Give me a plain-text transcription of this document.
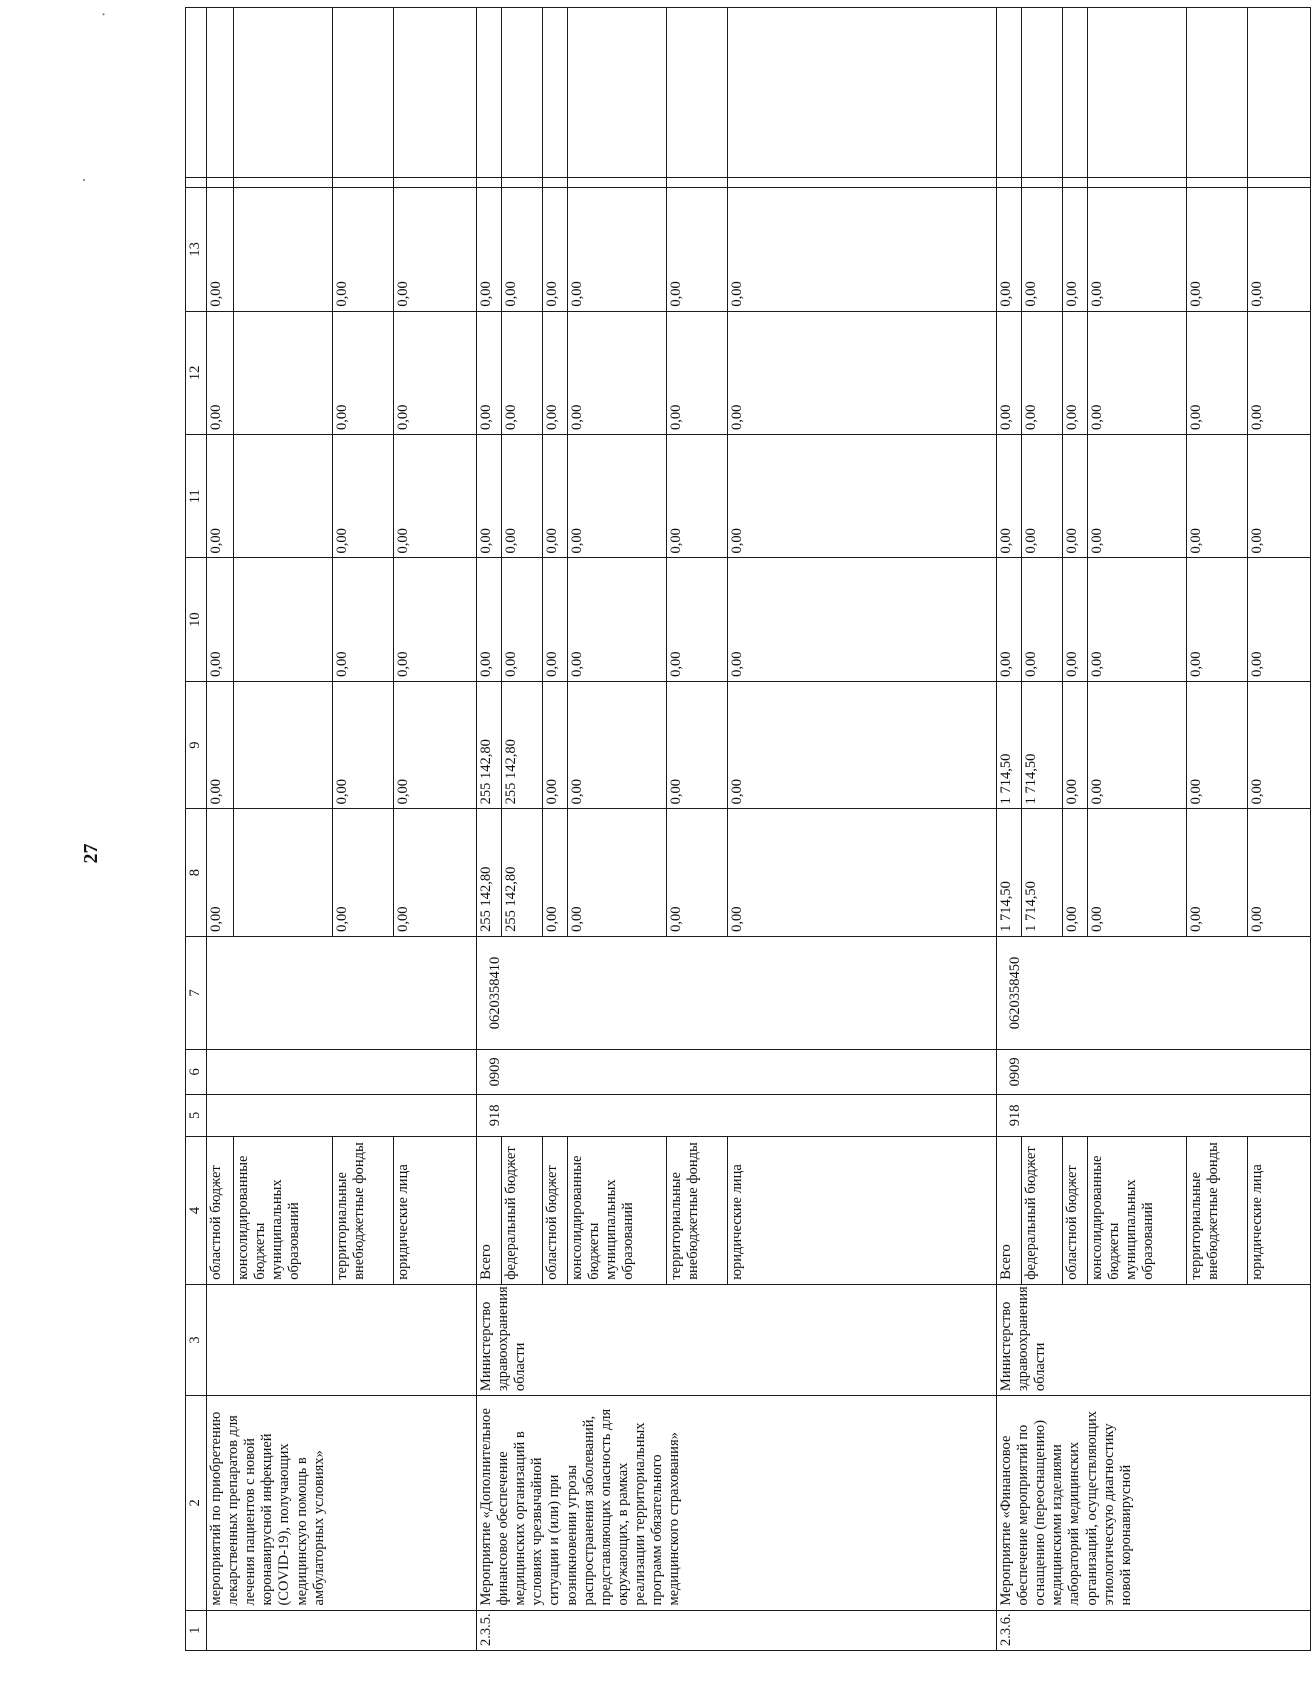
27
.
·
1	2	3	4	5	6	7	8	9	10	11	12	13		
	мероприятий по приобретению лекарственных препаратов для лечения пациентов с новой коронавирусной инфекцией (COVID-19), получающих медицинскую помощь в амбулаторных условиях»		областной бюджет				0,00	0,00	0,00	0,00	0,00	0,00		
			консолидированные бюджеты муниципальных образований											
			территориальные внебюджетные фонды				0,00	0,00	0,00	0,00	0,00	0,00		
			юридические лица				0,00	0,00	0,00	0,00	0,00	0,00		
2.3.5.	Мероприятие «Дополнительное финансовое обеспечение медицинских организаций в условиях чрезвычайной ситуации и (или) при возникновении угрозы распространения заболеваний, представляющих опасность для окружающих, в рамках реализации территориальных программ обязательного медицинского страхования»	Министерство здравоохранения области	Всего	918	0909	0620358410	255 142,80	255 142,80	0,00	0,00	0,00	0,00		
			федеральный бюджет				255 142,80	255 142,80	0,00	0,00	0,00	0,00		
			областной бюджет				0,00	0,00	0,00	0,00	0,00	0,00		
			консолидированные бюджеты муниципальных образований				0,00	0,00	0,00	0,00	0,00	0,00		
			территориальные внебюджетные фонды				0,00	0,00	0,00	0,00	0,00	0,00		
			юридические лица				0,00	0,00	0,00	0,00	0,00	0,00		
2.3.6.	Мероприятие «Финансовое обеспечение мероприятий по оснащению (переоснащению) медицинскими изделиями лабораторий медицинских организаций, осуществляющих этиологическую диагностику новой коронавирусной	Министерство здравоохранения области	Всего	918	0909	0620358450	1 714,50	1 714,50	0,00	0,00	0,00	0,00		
			федеральный бюджет				1 714,50	1 714,50	0,00	0,00	0,00	0,00		
			областной бюджет				0,00	0,00	0,00	0,00	0,00	0,00		
			консолидированные бюджеты муниципальных образований				0,00	0,00	0,00	0,00	0,00	0,00		
			территориальные внебюджетные фонды				0,00	0,00	0,00	0,00	0,00	0,00		
			юридические лица				0,00	0,00	0,00	0,00	0,00	0,00		
